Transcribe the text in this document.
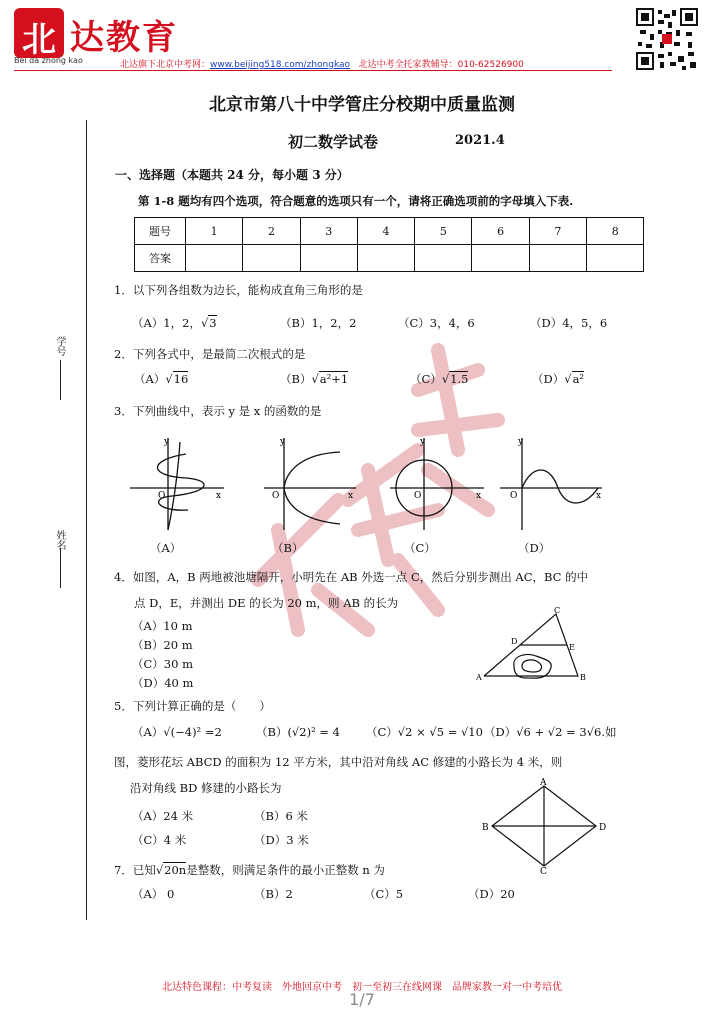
北 达教育
Bei da zhong kao	北达旗下北京中考网：www.beijing518.com/zhongkao 北达中考全托家教辅导：010-62526900
学号
姓名
北京市第八十中学管庄分校期中质量监测
初二数学试卷	2021.4
一、选择题（本题共 24 分，每小题 3 分）
第 1-8 题均有四个选项，符合题意的选项只有一个，请将正确选项前的字母填入下表.
题号	1	2	3	4	5	6	7	8
答案								
1．以下列各组数为边长，能构成直角三角形的是
（A）1，2，√3	（B）1，2，2	（C）3，4，6	（D）4，5，6
2．下列各式中，是最简二次根式的是
（A）√16	（B）√a²+1	（C）√1.5	（D）√a²
3．下列曲线中，表示 y 是 x 的函数的是
y
x
O
y
x
O
y
x
O
y
x
O
（A）	（B）	（C）	（D）
4．如图，A，B 两地被池塘隔开，小明先在 AB 外选一点 C，然后分别步测出 AC，BC 的中
点 D，E，并测出 DE 的长为 20 m，则 AB 的长为
（A）10 m
（B）20 m
（C）30 m
（D）40 m
C
D
E
A	B
5．下列计算正确的是（　　）
（A）√(−4)² =2	（B）(√2)² = 4 （C）√2 × √5 = √10 （D）√6 + √2 = 3√6.如
图，菱形花坛 ABCD 的面积为 12 平方米，其中沿对角线 AC 修建的小路长为 4 米，则
沿对角线 BD 修建的小路长为
（A）24 米	（B）6 米
（C）4 米	（D）3 米
A
B
C
D
7．已知√20n是整数，则满足条件的最小正整数 n 为
（A） 0	（B）2	（C）5	（D）20
北达特色课程：中考复读　外地回京中考　初一至初三在线网课　品牌家教一对一中考培优
1/7
